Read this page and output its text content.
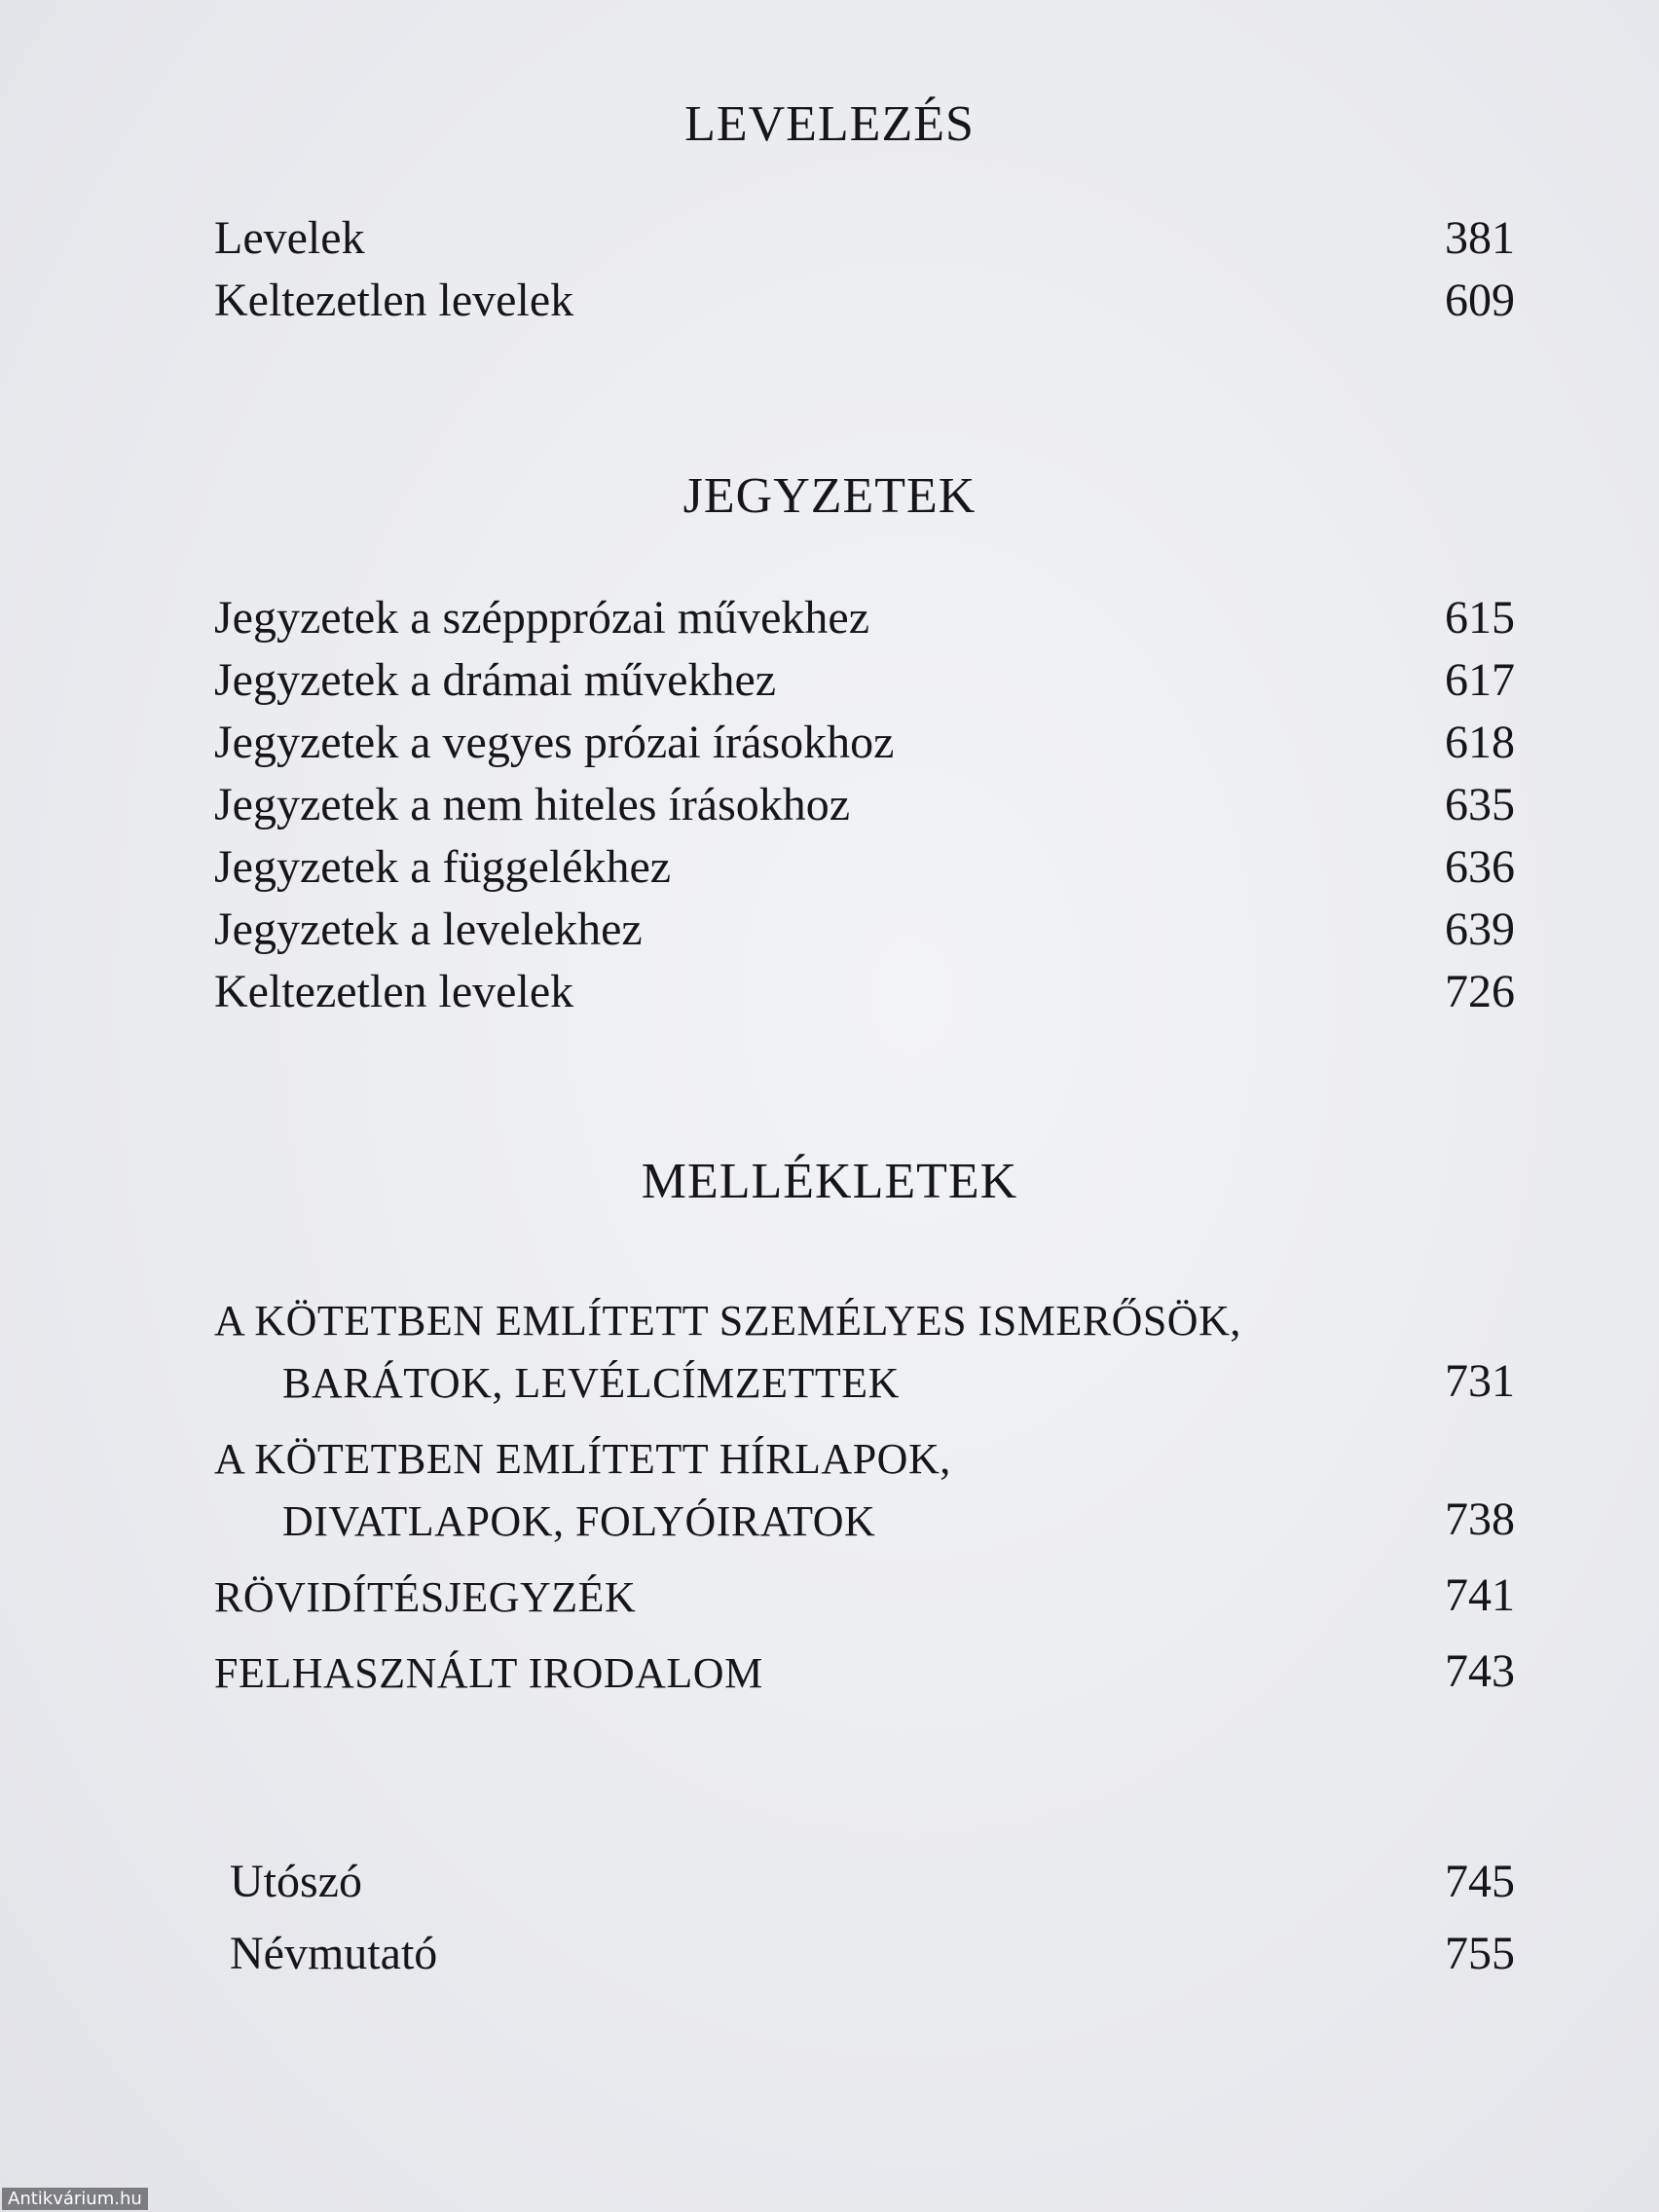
LEVELEZÉS
Levelek	381
Keltezetlen levelek	609
JEGYZETEK
Jegyzetek a széppprózai művekhez	615
Jegyzetek a drámai művekhez	617
Jegyzetek a vegyes prózai írásokhoz	618
Jegyzetek a nem hiteles írásokhoz	635
Jegyzetek a függelékhez	636
Jegyzetek a levelekhez	639
Keltezetlen levelek	726
MELLÉKLETEK
A KÖTETBEN EMLÍTETT SZEMÉLYES ISMERŐSÖK,
BARÁTOK, LEVÉLCÍMZETTEK	731
A KÖTETBEN EMLÍTETT HÍRLAPOK,
DIVATLAPOK, FOLYÓIRATOK	738
RÖVIDÍTÉSJEGYZÉK	741
FELHASZNÁLT IRODALOM	743
Utószó	745
Névmutató	755
Antikvárium.hu
